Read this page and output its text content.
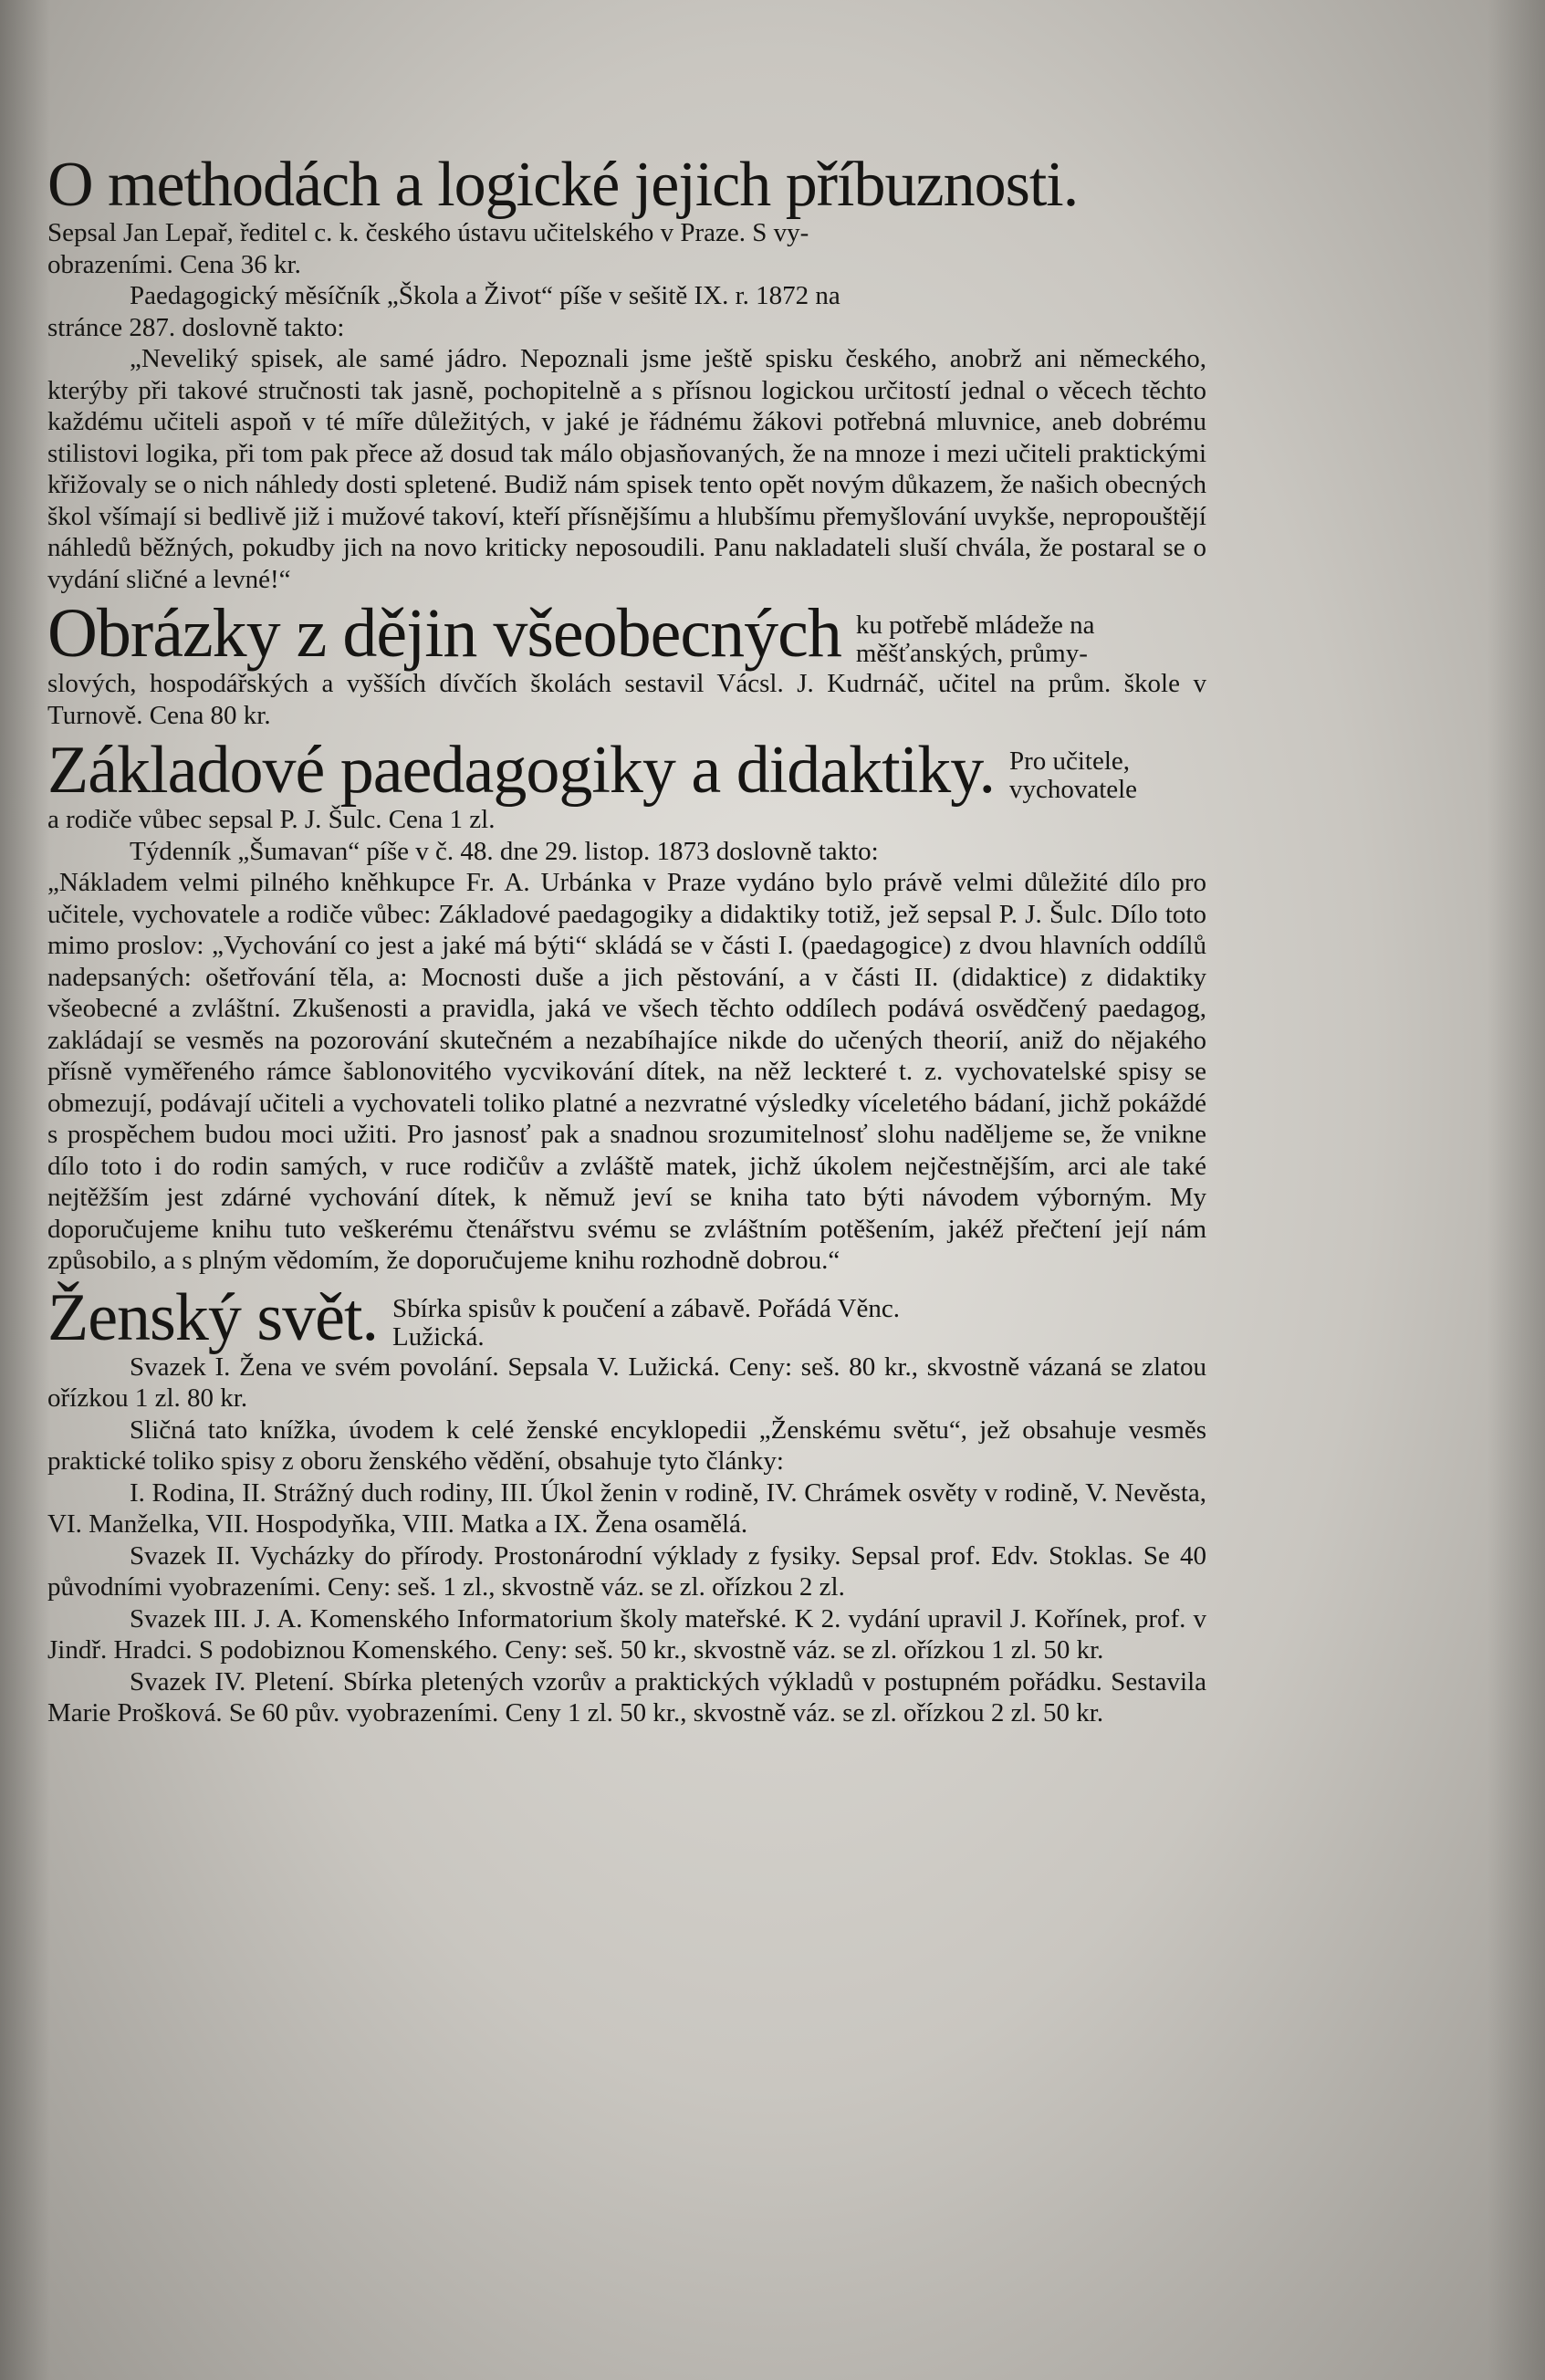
O methodách a logické jejich příbuznosti.

Sepsal Jan Lepař, ředitel c. k. českého ústavu učitelského v Praze. S vy-

obrazeními. Cena 36 kr.

Paedagogický měsíčník „Škola a Život“ píše v sešitě IX. r. 1872 na

stránce 287. doslovně takto:

„Neveliký spisek, ale samé jádro. Nepoznali jsme ještě spisku českého, anobrž ani německého, kterýby při takové stručnosti tak jasně, pochopitelně a s přísnou logickou určitostí jednal o věcech těchto každému učiteli aspoň v té míře důležitých, v jaké je řádnému žákovi potřebná mluvnice, aneb dobrému stilistovi logika, při tom pak přece až dosud tak málo objasňovaných, že na mnoze i mezi učiteli praktickými křižovaly se o nich náhledy dosti spletené. Budiž nám spisek tento opět novým důkazem, že našich obecných škol všímají si bedlivě již i mužové takoví, kteří přísnějšímu a hlubšímu přemyšlování uvykše, nepropouštějí náhledů běžných, pokudby jich na novo kriticky neposoudili. Panu nakladateli sluší chvála, že postaral se o vydání sličné a levné!“

Obrázky z dějin všeobecných ku potřebě mládeže na
měšťanských, průmy-

slových, hospodářských a vyšších dívčích školách sestavil Vácsl. J. Kudrnáč, učitel na prům. škole v Turnově. Cena 80 kr.

Základové paedagogiky a didaktiky. Pro učitele,
vychovatele

a rodiče vůbec sepsal P. J. Šulc. Cena 1 zl.

Týdenník „Šumavan“ píše v č. 48. dne 29. listop. 1873 doslovně takto:

„Nákladem velmi pilného kněhkupce Fr. A. Urbánka v Praze vydáno bylo právě velmi důležité dílo pro učitele, vychovatele a rodiče vůbec: Základové paedagogiky a didaktiky totiž, jež sepsal P. J. Šulc. Dílo toto mimo proslov: „Vychování co jest a jaké má býti“ skládá se v části I. (paedagogice) z dvou hlavních oddílů nadepsaných: ošetřování těla, a: Mocnosti duše a jich pěstování, a v části II. (didaktice) z didaktiky všeobecné a zvláštní. Zkušenosti a pravidla, jaká ve všech těchto oddílech podává osvědčený paedagog, zakládají se vesměs na pozorování skutečném a nezabíhajíce nikde do učených theorií, aniž do nějakého přísně vyměřeného rámce šablonovitého vycvikování dítek, na něž leckteré t. z. vychovatelské spisy se obmezují, podávají učiteli a vychovateli toliko platné a nezvratné výsledky víceletého bádaní, jichž pokáždé s prospěchem budou moci užiti. Pro jasnosť pak a snadnou srozumitelnosť slohu naděljeme se, že vnikne dílo toto i do rodin samých, v ruce rodičův a zvláště matek, jichž úkolem nejčestnějším, arci ale také nejtěžším jest zdárné vychování dítek, k němuž jeví se kniha tato býti návodem výborným. My doporučujeme knihu tuto veškerému čtenářstvu svému se zvláštním potěšením, jakéž přečtení její nám způsobilo, a s plným vědomím, že doporučujeme knihu rozhodně dobrou.“

Ženský svět. Sbírka spisův k poučení a zábavě. Pořádá Věnc.
Lužická.

Svazek I. Žena ve svém povolání. Sepsala V. Lužická. Ceny: seš. 80 kr., skvostně vázaná se zlatou ořízkou 1 zl. 80 kr.

Sličná tato knížka, úvodem k celé ženské encyklopedii „Ženskému světu“, jež obsahuje vesměs praktické toliko spisy z oboru ženského vědění, obsahuje tyto články:

I. Rodina, II. Strážný duch rodiny, III. Úkol ženin v rodině, IV. Chrámek osvěty v rodině, V. Nevěsta, VI. Manželka, VII. Hospodyňka, VIII. Matka a IX. Žena osamělá.

Svazek II. Vycházky do přírody. Prostonárodní výklady z fysiky. Sepsal prof. Edv. Stoklas. Se 40 původními vyobrazeními. Ceny: seš. 1 zl., skvostně váz. se zl. ořízkou 2 zl.

Svazek III. J. A. Komenského Informatorium školy mateřské. K 2. vydání upravil J. Kořínek, prof. v Jindř. Hradci. S podobiznou Komenského. Ceny: seš. 50 kr., skvostně váz. se zl. ořízkou 1 zl. 50 kr.

Svazek IV. Pletení. Sbírka pletených vzorův a praktických výkladů v postupném pořádku. Sestavila Marie Prošková. Se 60 pův. vyobrazeními. Ceny 1 zl. 50 kr., skvostně váz. se zl. ořízkou 2 zl. 50 kr.
